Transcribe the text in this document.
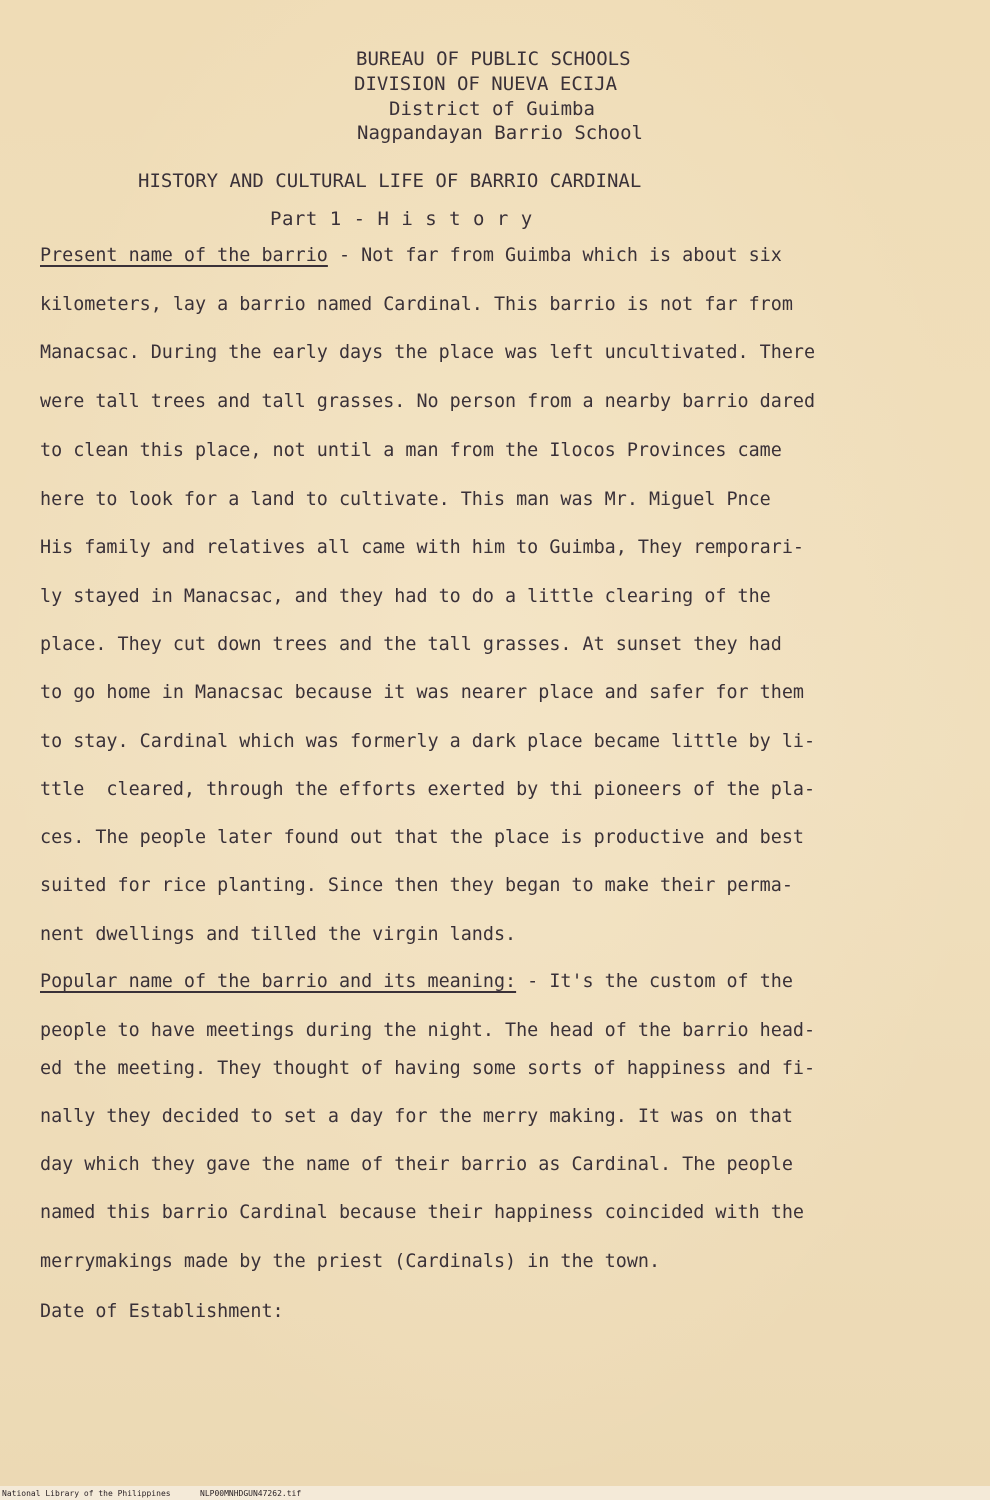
BUREAU OF PUBLIC SCHOOLS
DIVISION OF NUEVA ECIJA
District of Guimba
Nagpandayan Barrio School
HISTORY AND CULTURAL LIFE OF BARRIO CARDINAL
Part 1 - H i s t o r y
Present name of the barrio - Not far from Guimba which is about six
kilometers, lay a barrio named Cardinal. This barrio is not far from
Manacsac. During the early days the place was left uncultivated. There
were tall trees and tall grasses. No person from a nearby barrio dared
to clean this place, not until a man from the Ilocos Provinces came
here to look for a land to cultivate. This man was Mr. Miguel Pnce
His family and relatives all came with him to Guimba, They remporari-
ly stayed in Manacsac, and they had to do a little clearing of the
place. They cut down trees and the tall grasses. At sunset they had
to go home in Manacsac because it was nearer place and safer for them
to stay. Cardinal which was formerly a dark place became little by li-
ttle  cleared, through the efforts exerted by thi pioneers of the pla-
ces. The people later found out that the place is productive and best
suited for rice planting. Since then they began to make their perma-
nent dwellings and tilled the virgin lands.
Popular name of the barrio and its meaning: - It's the custom of the
people to have meetings during the night. The head of the barrio head-
ed the meeting. They thought of having some sorts of happiness and fi-
nally they decided to set a day for the merry making. It was on that
day which they gave the name of their barrio as Cardinal. The people
named this barrio Cardinal because their happiness coincided with the
merrymakings made by the priest (Cardinals) in the town.
Date of Establishment:
National Library of the Philippines	NLP00MNHDGUN47262.tif
